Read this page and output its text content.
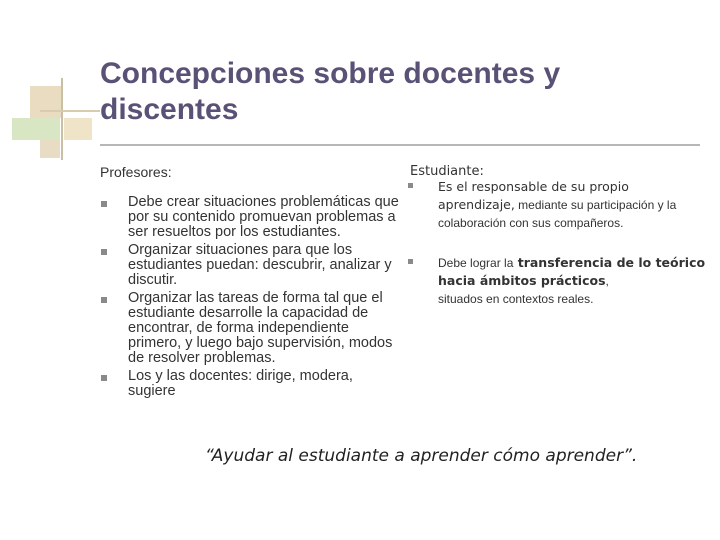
Concepciones sobre docentes y discentes

Profesores:

Debe crear situaciones problemáticas que por su contenido promuevan problemas a ser resueltos por los estudiantes.
Organizar situaciones para que los estudiantes puedan: descubrir, analizar y discutir.
Organizar las tareas de forma tal que el estudiante desarrolle la capacidad de encontrar, de forma independiente primero, y luego bajo supervisión, modos de resolver problemas.
Los y las docentes: dirige, modera, sugiere

Estudiante:

Es el responsable de su propio aprendizaje, mediante su participación y la colaboración con sus compañeros.
Debe lograr la transferencia de lo teórico hacia ámbitos prácticos,
situados en contextos reales.

“Ayudar al estudiante a aprender cómo aprender”.
